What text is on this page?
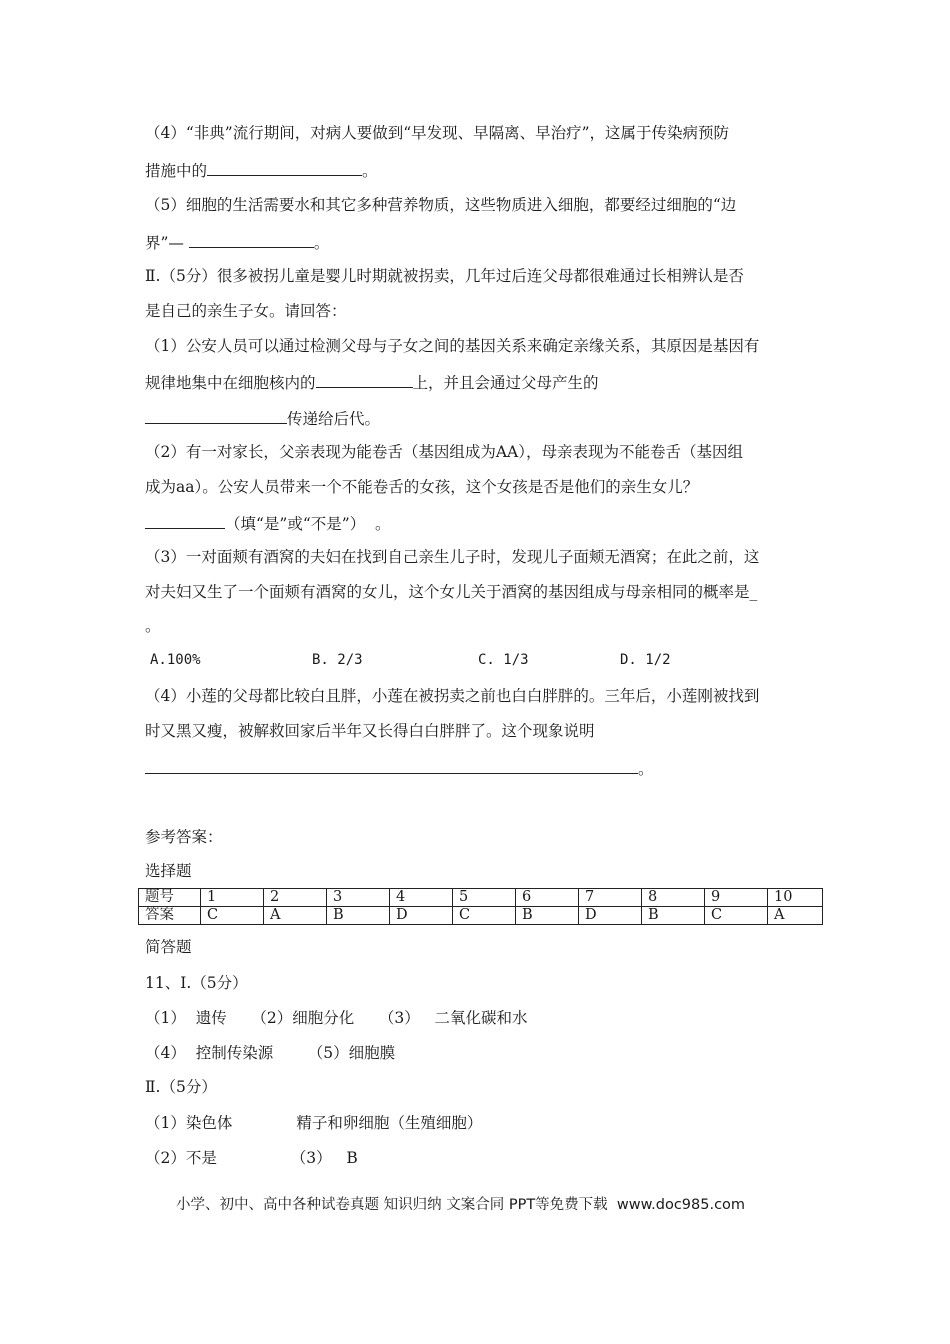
（4）“非典”流行期间，对病人要做到“早发现、早隔离、早治疗”，这属于传染病预防
措施中的	。
（5）细胞的生活需要水和其它多种营养物质，这些物质进入细胞，都要经过细胞的“边
界”—	。
Ⅱ.（5分）很多被拐儿童是婴儿时期就被拐卖，几年过后连父母都很难通过长相辨认是否
是自己的亲生子女。请回答：
（1）公安人员可以通过检测父母与子女之间的基因关系来确定亲缘关系，其原因是基因有
规律地集中在细胞核内的	上，并且会通过父母产生的
传递给后代。
（2）有一对家长，父亲表现为能卷舌（基因组成为AA），母亲表现为不能卷舌（基因组
成为aa）。公安人员带来一个不能卷舌的女孩，这个女孩是否是他们的亲生女儿？
（填“是”或“不是”）  。
（3）一对面颊有酒窝的夫妇在找到自己亲生儿子时，发现儿子面颊无酒窝；在此之前，这
对夫妇又生了一个面颊有酒窝的女儿，这个女儿关于酒窝的基因组成与母亲相同的概率是_
。
A.100%	B. 2/3	C. 1/3	D. 1/2
（4）小莲的父母都比较白且胖，小莲在被拐卖之前也白白胖胖的。三年后，小莲刚被找到
时又黑又瘦，被解救回家后半年又长得白白胖胖了。这个现象说明
。
参考答案：
选择题
题号	1	2	3	4	5	6	7	8	9	10
答案	C	A	B	D	C	B	D	B	C	A
简答题
11、Ⅰ.（5分）
（1）  遗传     （2）细胞分化     （3）   二氧化碳和水
（4）  控制传染源       （5）细胞膜
Ⅱ.（5分）
（1）染色体             精子和卵细胞（生殖细胞）
（2）不是               （3）   B
小学、初中、高中各种试卷真题 知识归纳 文案合同 PPT等免费下载  www.doc985.com
